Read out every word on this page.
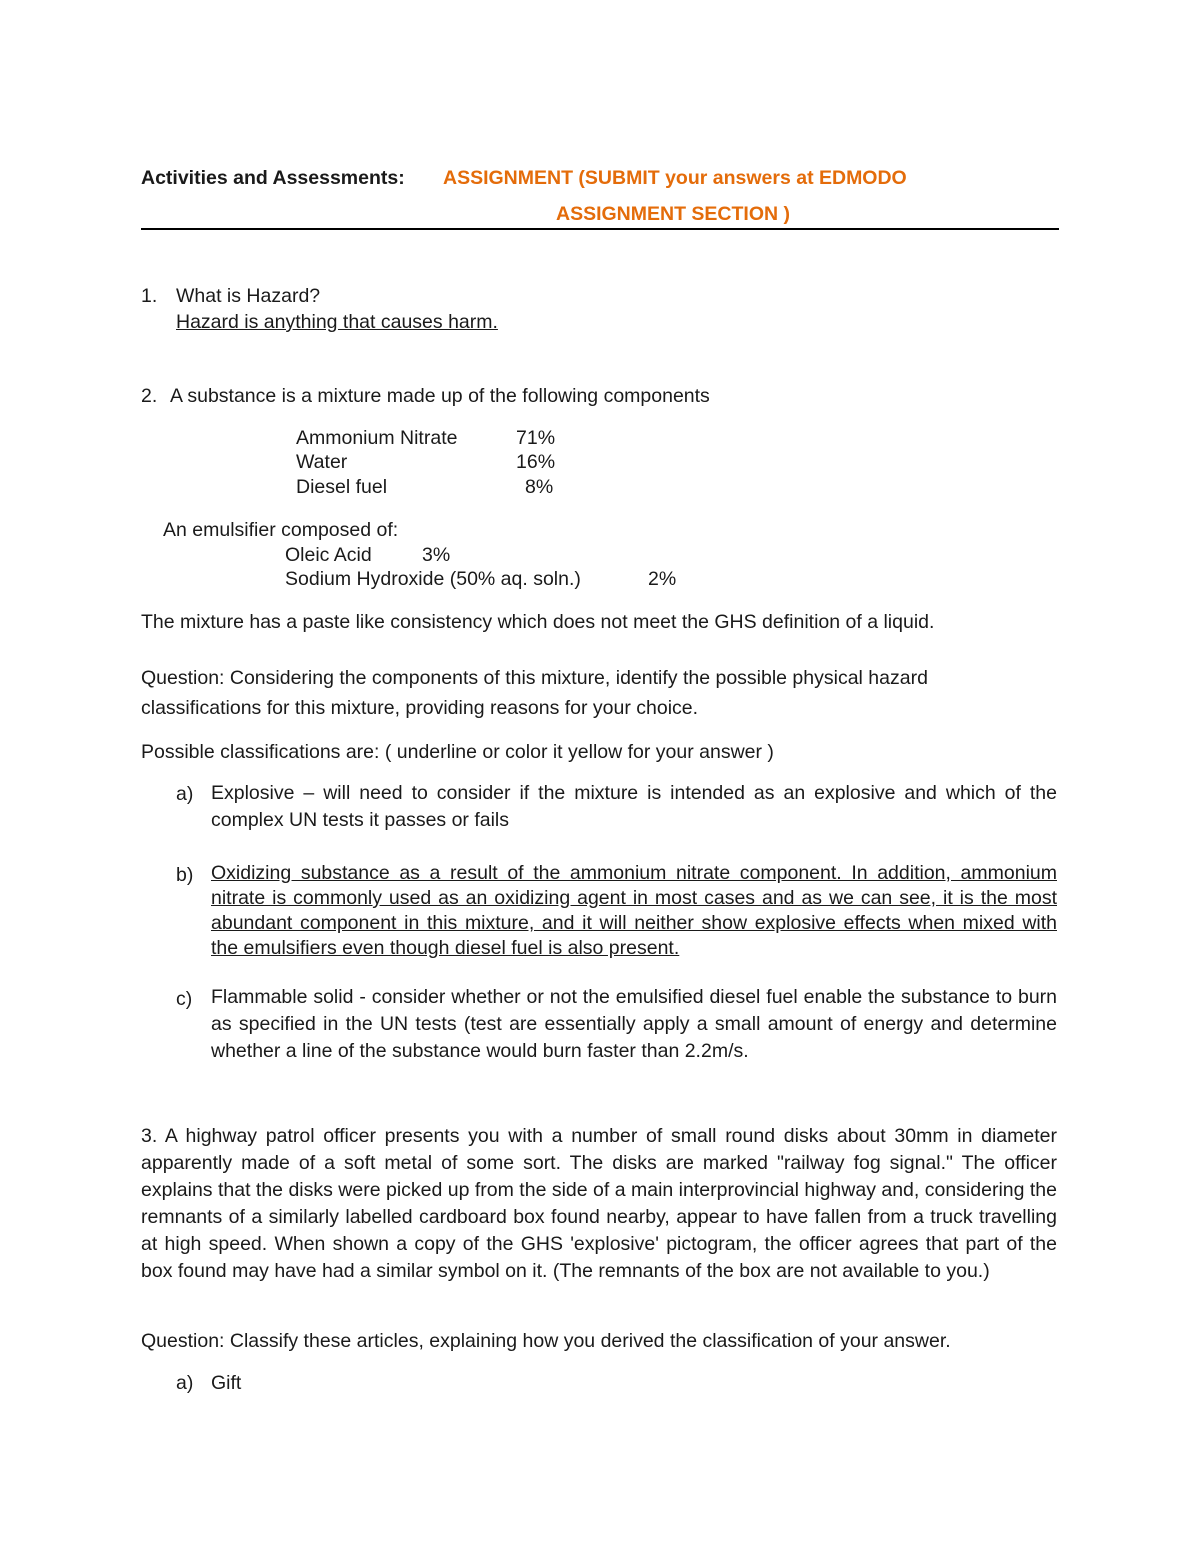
Activities and Assessments: ASSIGNMENT (SUBMIT your answers at EDMODO
ASSIGNMENT SECTION )
1. What is Hazard?
Hazard is anything that causes harm.
2. A substance is a mixture made up of the following components
Ammonium Nitrate	71%
Water	16%
Diesel fuel	8%
An emulsifier composed of:
Oleic Acid	3%
Sodium Hydroxide (50% aq. soln.)	2%
The mixture has a paste like consistency which does not meet the GHS definition of a liquid.
Question: Considering the components of this mixture, identify the possible physical hazard
classifications for this mixture, providing reasons for your choice.
Possible classifications are: ( underline or color it yellow for your answer )
a) Explosive – will need to consider if the mixture is intended as an explosive and which of the complex UN tests it passes or fails
b) Oxidizing substance as a result of the ammonium nitrate component. In addition, ammonium nitrate is commonly used as an oxidizing agent in most cases and as we can see, it is the most abundant component in this mixture, and it will neither show explosive effects when mixed with the emulsifiers even though diesel fuel is also present.
c) Flammable solid - consider whether or not the emulsified diesel fuel enable the substance to burn as specified in the UN tests (test are essentially apply a small amount of energy and determine whether a line of the substance would burn faster than 2.2m/s.
3. A highway patrol officer presents you with a number of small round disks about 30mm in diameter apparently made of a soft metal of some sort. The disks are marked "railway fog signal." The officer explains that the disks were picked up from the side of a main interprovincial highway and, considering the remnants of a similarly labelled cardboard box found nearby, appear to have fallen from a truck travelling at high speed. When shown a copy of the GHS 'explosive' pictogram, the officer agrees that part of the box found may have had a similar symbol on it. (The remnants of the box are not available to you.)
Question: Classify these articles, explaining how you derived the classification of your answer.
a) Gift
